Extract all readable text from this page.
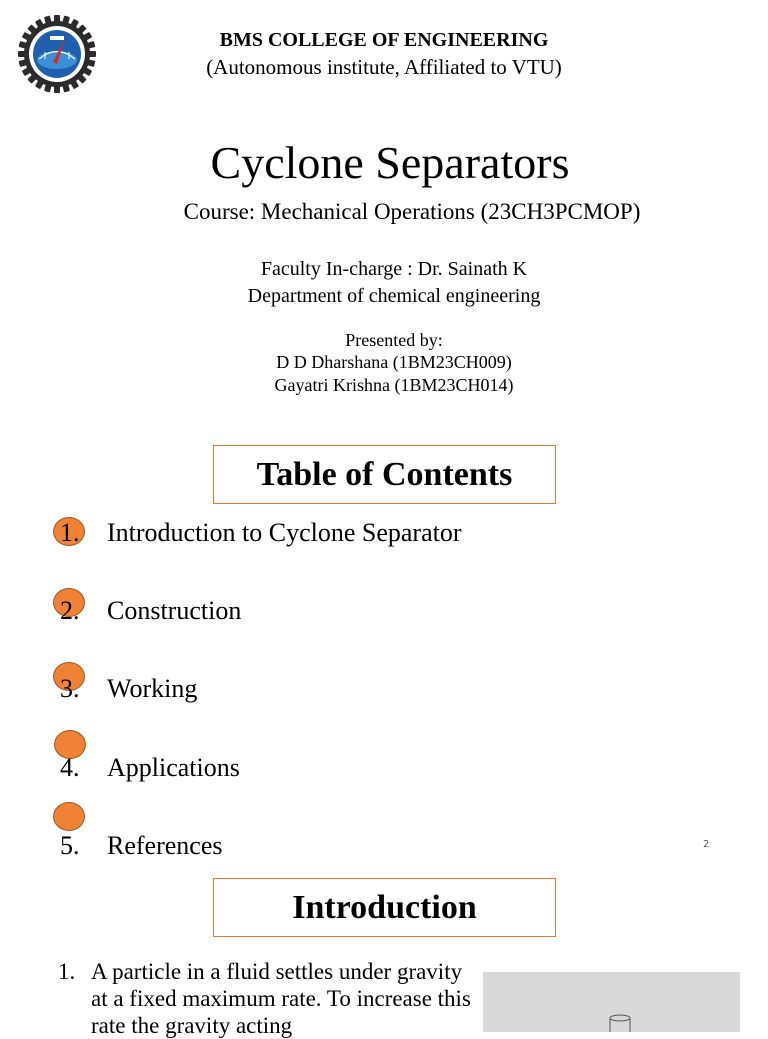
BMS COLLEGE OF ENGINEERING
(Autonomous institute, Affiliated to VTU)
Cyclone Separators
Course: Mechanical Operations (23CH3PCMOP)
Faculty In-charge : Dr. Sainath K
Department of chemical engineering
Presented by:
D D Dharshana (1BM23CH009)
Gayatri Krishna (1BM23CH014)
Table of Contents
1. Introduction to Cyclone Separator
2. Construction
3. Working
4. Applications
5. References	2
Introduction
1. A particle in a fluid settles under gravity at a fixed maximum rate. To increase this rate the gravity acting
